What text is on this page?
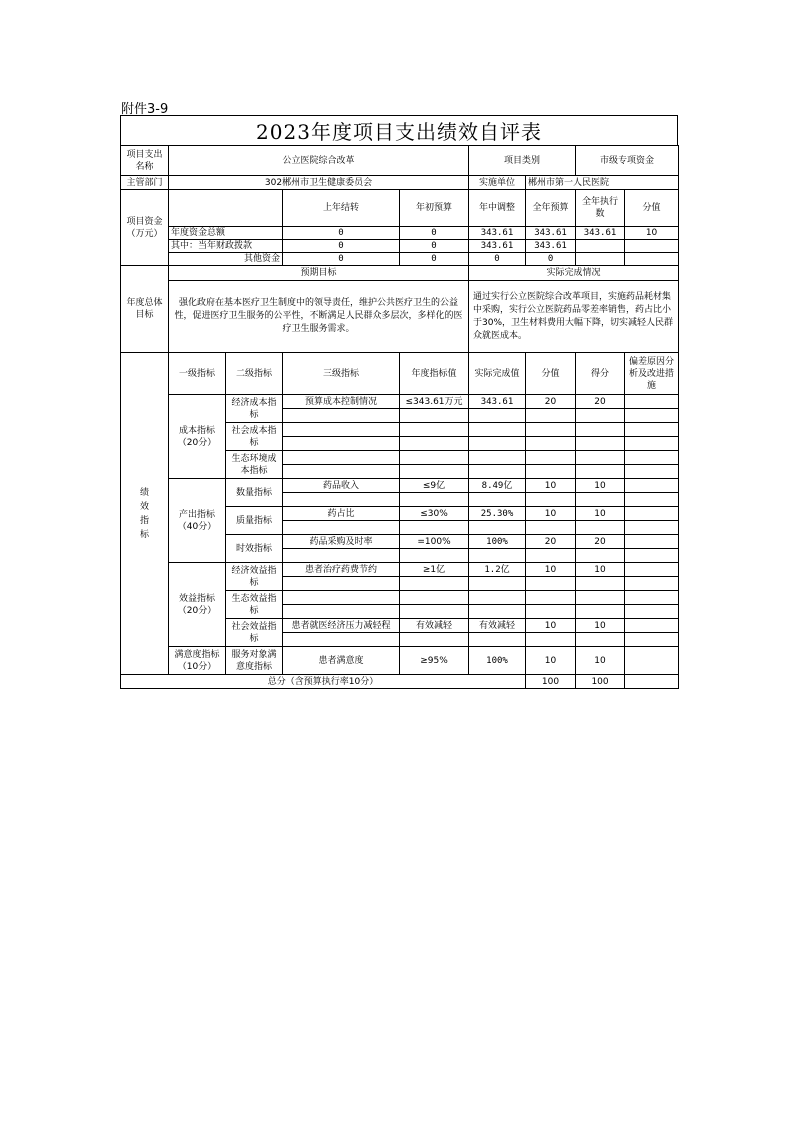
附件3-9
2023年度项目支出绩效自评表
项目支出名称	公立医院综合改革				项目类别		市级专项资金		
主管部门	302郴州市卫生健康委员会				实施单位	郴州市第一人民医院			
项目资金（万元）			上年结转	年初预算	年中调整	全年预算	全年执行数	分值		
	年度资金总额		0	0	343.61	343.61	343.61	10		
	其中：当年财政拨款		0	0	343.61	343.61				
	其他资金		0	0	0	0				
年度总体目标	预期目标				实际完成情况				
	强化政府在基本医疗卫生制度中的领导责任，维护公共医疗卫生的公益性，促进医疗卫生服务的公平性，不断满足人民群众多层次，多样化的医疗卫生服务需求。				通过实行公立医院综合改革项目，实施药品耗材集中采购，实行公立医院药品零差率销售，药占比小于30%，卫生材料费用大幅下降，切实减轻人民群众就医成本。				
绩
效
指
标	一级指标	二级指标	三级指标	年度指标值	实际完成值	分值	得分	偏差原因分析及改进措施	
	成本指标（20分）	经济成本指标	预算成本控制情况	≤343.61万元	343.61	20	20		

		社会成本指标							

		生态环境成本指标							

	产出指标（40分）	数量指标	药品收入	≤9亿	8.49亿	10	10		

		质量指标	药占比	≤30%	25.30%	10	10		

		时效指标	药品采购及时率	=100%	100%	20	20		

	效益指标（20分）	经济效益指标	患者治疗药费节约	≥1亿	1.2亿	10	10		

		生态效益指标							

		社会效益指标	患者就医经济压力减轻程	有效减轻	有效减轻	10	10		

	满意度指标（10分）	服务对象满意度指标	患者满意度	≥95%	100%	10	10		
总分（含预算执行率10分）						100	100		
